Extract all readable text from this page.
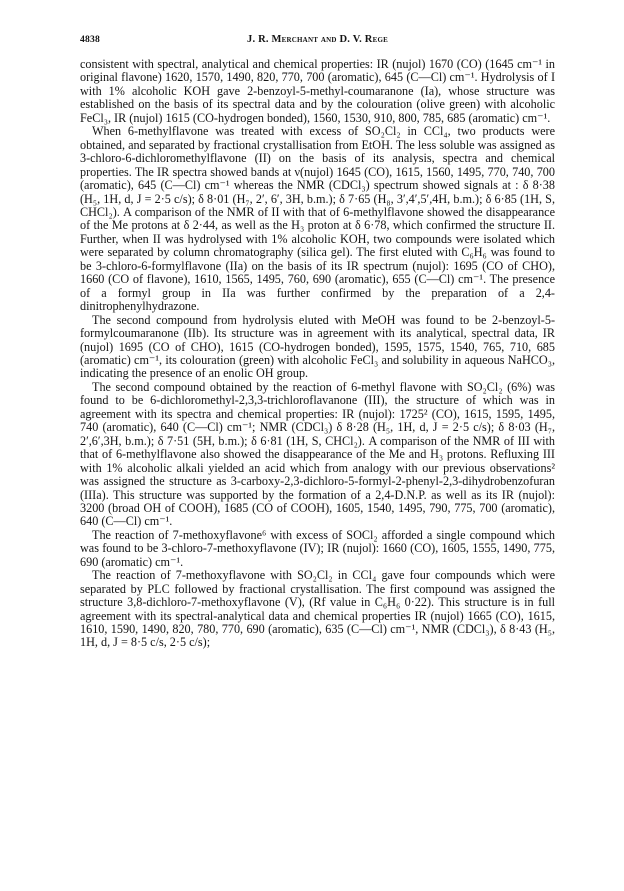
4838	J. R. Merchant and D. V. Rege

consistent with spectral, analytical and chemical properties: IR (nujol) 1670 (CO) (1645 cm⁻¹ in original flavone) 1620, 1570, 1490, 820, 770, 700 (aromatic), 645 (C—Cl) cm⁻¹. Hydrolysis of I with 1% alcoholic KOH gave 2-benzoyl-5-methyl-coumaranone (Ia), whose structure was established on the basis of its spectral data and by the colouration (olive green) with alcoholic FeCl₃, IR (nujol) 1615 (CO-hydrogen bonded), 1560, 1530, 910, 800, 785, 685 (aromatic) cm⁻¹.

When 6-methylflavone was treated with excess of SO₂Cl₂ in CCl₄, two products were obtained, and separated by fractional crystallisation from EtOH. The less soluble was assigned as 3-chloro-6-dichloromethylflavone (II) on the basis of its analysis, spectra and chemical properties. The IR spectra showed bands at ν(nujol) 1645 (CO), 1615, 1560, 1495, 770, 740, 700 (aromatic), 645 (C—Cl) cm⁻¹ whereas the NMR (CDCl₃) spectrum showed signals at : δ 8·38 (H₅, 1H, d, J = 2·5 c/s); δ 8·01 (H₇, 2′, 6′, 3H, b.m.); δ 7·65 (H₈, 3′,4′,5′,4H, b.m.); δ 6·85 (1H, S, CHCl₂). A comparison of the NMR of II with that of 6-methylflavone showed the disappearance of the Me protons at δ 2·44, as well as the H₃ proton at δ 6·78, which confirmed the structure II. Further, when II was hydrolysed with 1% alcoholic KOH, two compounds were isolated which were separated by column chromatography (silica gel). The first eluted with C₆H₆ was found to be 3-chloro-6-formylflavone (IIa) on the basis of its IR spectrum (nujol): 1695 (CO of CHO), 1660 (CO of flavone), 1610, 1565, 1495, 760, 690 (aromatic), 655 (C—Cl) cm⁻¹. The presence of a formyl group in IIa was further confirmed by the preparation of a 2,4-dinitrophenylhydrazone.

The second compound from hydrolysis eluted with MeOH was found to be 2-benzoyl-5-formylcoumaranone (IIb). Its structure was in agreement with its analytical, spectral data, IR (nujol) 1695 (CO of CHO), 1615 (CO-hydrogen bonded), 1595, 1575, 1540, 765, 710, 685 (aromatic) cm⁻¹, its colouration (green) with alcoholic FeCl₃ and solubility in aqueous NaHCO₃, indicating the presence of an enolic OH group.

The second compound obtained by the reaction of 6-methyl flavone with SO₂Cl₂ (6%) was found to be 6-dichloromethyl-2,3,3-trichloroflavanone (III), the structure of which was in agreement with its spectra and chemical properties: IR (nujol): 1725² (CO), 1615, 1595, 1495, 740 (aromatic), 640 (C—Cl) cm⁻¹; NMR (CDCl₃) δ 8·28 (H₅, 1H, d, J = 2·5 c/s); δ 8·03 (H₇, 2′,6′,3H, b.m.); δ 7·51 (5H, b.m.); δ 6·81 (1H, S, CHCl₂). A comparison of the NMR of III with that of 6-methylflavone also showed the disappearance of the Me and H₃ protons. Refluxing III with 1% alcoholic alkali yielded an acid which from analogy with our previous observations² was assigned the structure as 3-carboxy-2,3-dichloro-5-formyl-2-phenyl-2,3-dihydrobenzofuran (IIIa). This structure was supported by the formation of a 2,4-D.N.P. as well as its IR (nujol): 3200 (broad OH of COOH), 1685 (CO of COOH), 1605, 1540, 1495, 790, 775, 700 (aromatic), 640 (C—Cl) cm⁻¹.

The reaction of 7-methoxyflavone⁶ with excess of SOCl₂ afforded a single compound which was found to be 3-chloro-7-methoxyflavone (IV); IR (nujol): 1660 (CO), 1605, 1555, 1490, 775, 690 (aromatic) cm⁻¹.

The reaction of 7-methoxyflavone with SO₂Cl₂ in CCl₄ gave four compounds which were separated by PLC followed by fractional crystallisation. The first compound was assigned the structure 3,8-dichloro-7-methoxyflavone (V), (Rf value in C₆H₆ 0·22). This structure is in full agreement with its spectral-analytical data and chemical properties IR (nujol) 1665 (CO), 1615, 1610, 1590, 1490, 820, 780, 770, 690 (aromatic), 635 (C—Cl) cm⁻¹, NMR (CDCl₃), δ 8·43 (H₅, 1H, d, J = 8·5 c/s, 2·5 c/s);
